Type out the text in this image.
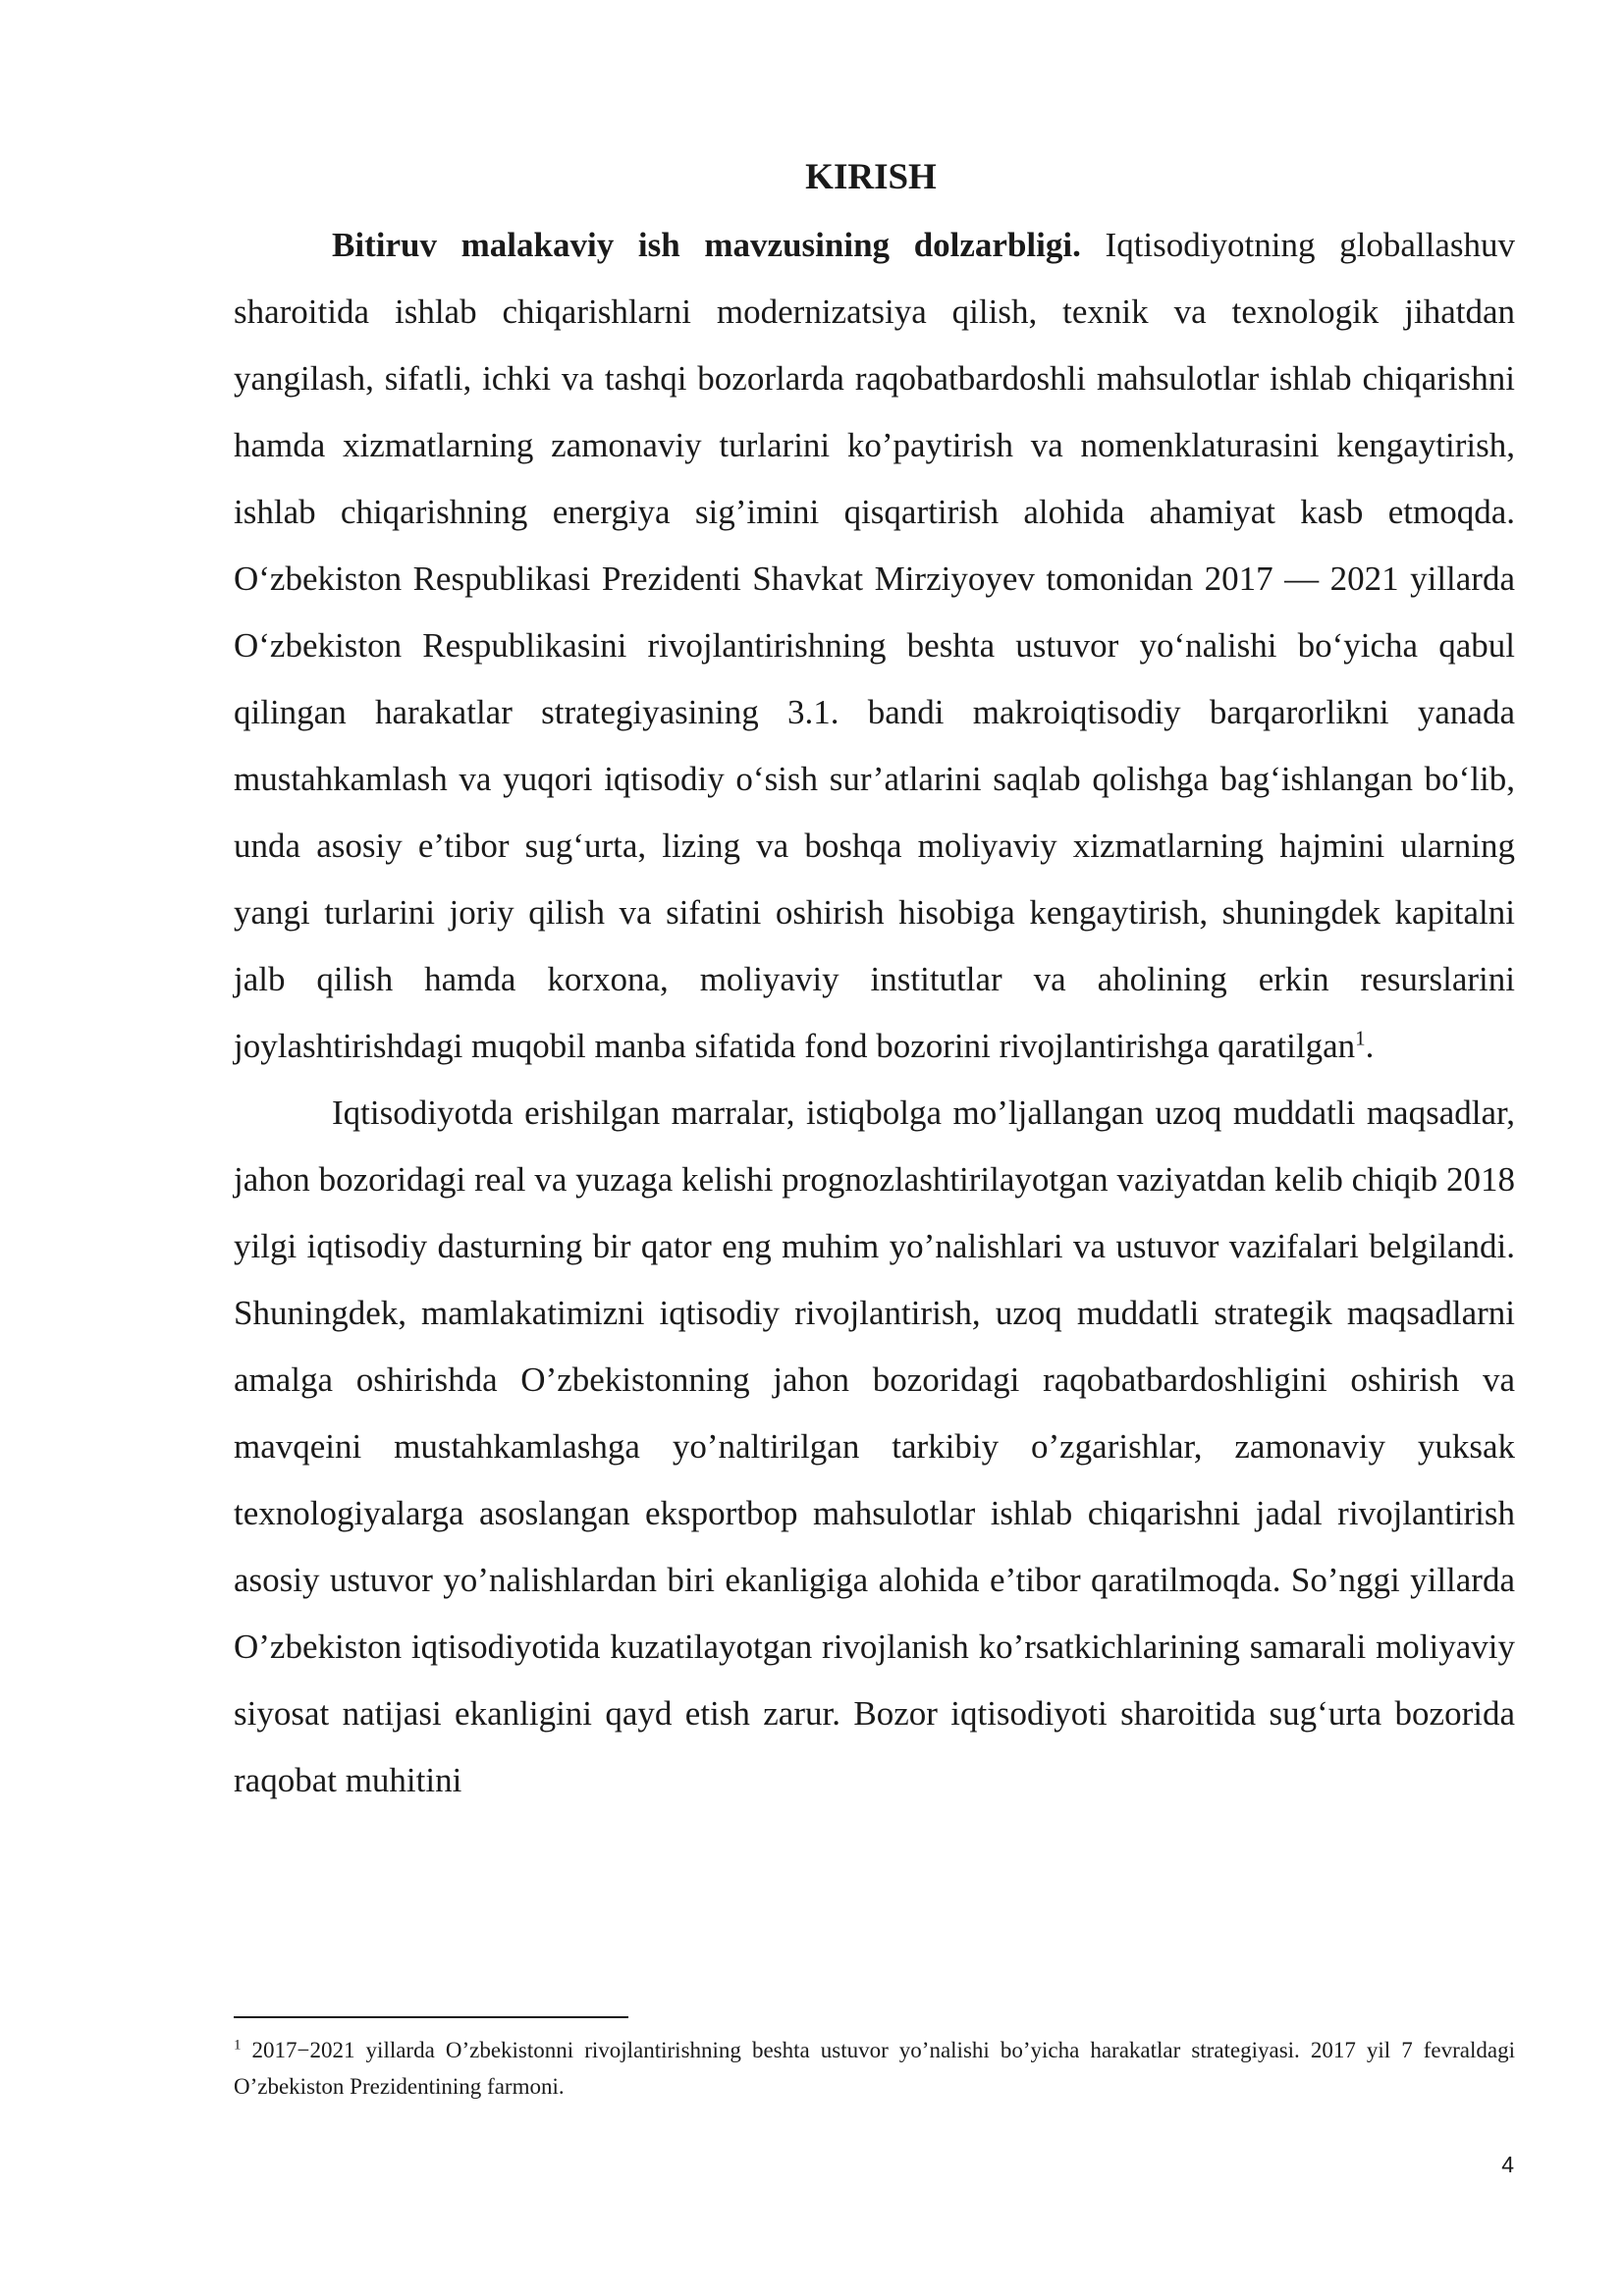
KIRISH

Bitiruv malakaviy ish mavzusining dolzarbligi. Iqtisodiyotning globallashuv sharoitida ishlab chiqarishlarni modernizatsiya qilish, texnik va texnologik jihatdan yangilash, sifatli, ichki va tashqi bozorlarda raqobatbardoshli mahsulotlar ishlab chiqarishni hamda xizmatlarning zamonaviy turlarini ko’paytirish va nomenklaturasini kengaytirish, ishlab chiqarishning energiya sig’imini qisqartirish alohida ahamiyat kasb etmoqda. O‘zbekiston Respublikasi Prezidenti Shavkat Mirziyoyev tomonidan 2017 — 2021 yillarda O‘zbekiston Respublikasini rivojlantirishning beshta ustuvor yo‘nalishi bo‘yicha qabul qilingan harakatlar strategiyasining 3.1. bandi makroiqtisodiy barqarorlikni yanada mustahkamlash va yuqori iqtisodiy o‘sish sur’atlarini saqlab qolishga bag‘ishlangan bo‘lib, unda asosiy e’tibor sug‘urta, lizing va boshqa moliyaviy xizmatlarning hajmini ularning yangi turlarini joriy qilish va sifatini oshirish hisobiga kengaytirish, shuningdek kapitalni jalb qilish hamda korxona, moliyaviy institutlar va aholining erkin resurslarini joylashtirishdagi muqobil manba sifatida fond bozorini rivojlantirishga qaratilgan$^1$.

Iqtisodiyotda erishilgan marralar, istiqbolga mo’ljallangan uzoq muddatli maqsadlar, jahon bozoridagi real va yuzaga kelishi prognozlashtirilayotgan vaziyatdan kelib chiqib 2018 yilgi iqtisodiy dasturning bir qator eng muhim yo’nalishlari va ustuvor vazifalari belgilandi. Shuningdek, mamlakatimizni iqtisodiy rivojlantirish, uzoq muddatli strategik maqsadlarni amalga oshirishda O’zbekistonning jahon bozoridagi raqobatbardoshligini oshirish va mavqeini mustahkamlashga yo’naltirilgan tarkibiy o’zgarishlar, zamonaviy yuksak texnologiyalarga asoslangan eksportbop mahsulotlar ishlab chiqarishni jadal rivojlantirish asosiy ustuvor yo’nalishlardan biri ekanligiga alohida e’tibor qaratilmoqda. So’nggi yillarda O’zbekiston iqtisodiyotida kuzatilayotgan rivojlanish ko’rsatkichlarining samarali moliyaviy siyosat natijasi ekanligini qayd etish zarur. Bozor iqtisodiyoti sharoitida sug‘urta bozorida raqobat muhitini

$^1$ 2017−2021 yillarda O’zbekistonni rivojlantirishning beshta ustuvor yo’nalishi bo’yicha harakatlar strategiyasi. 2017 yil 7 fevraldagi O’zbekiston Prezidentining farmoni.

4
